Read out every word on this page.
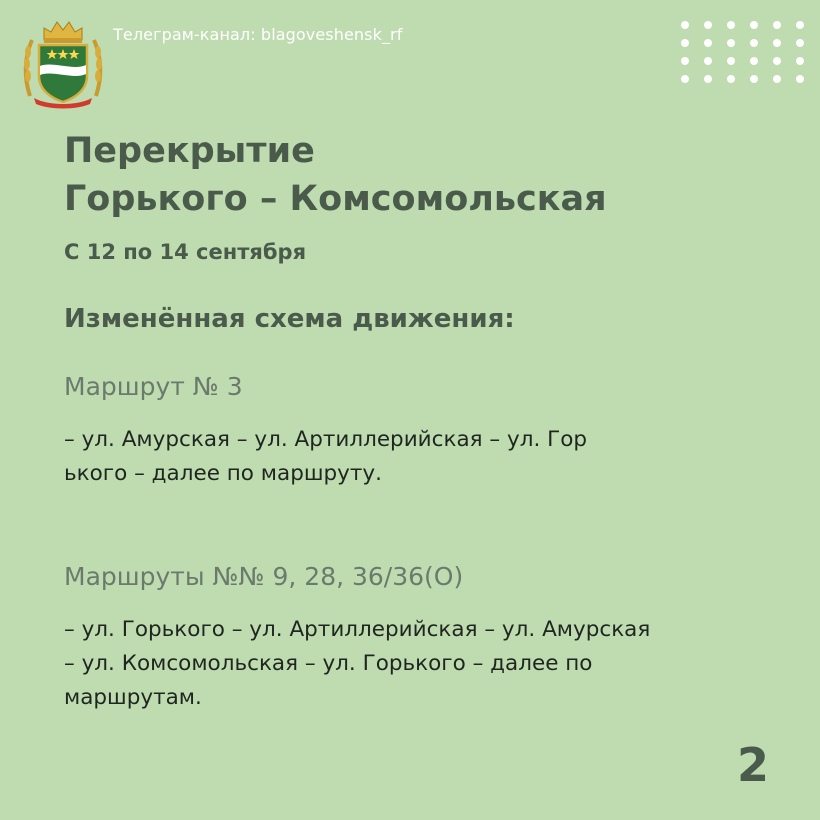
Телеграм-канал: blagoveshensk_rf
Перекрытие
Горького – Комсомольская
С 12 по 14 сентября
Изменённая схема движения:
Маршрут № 3
– ул. Амурская – ул. Артиллерийская – ул. Гор
ького – далее по маршруту.
Маршруты №№ 9, 28, 36/36(О)
– ул. Горького – ул. Артиллерийская – ул. Амурская
– ул. Комсомольская – ул. Горького – далее по
маршрутам.
2
